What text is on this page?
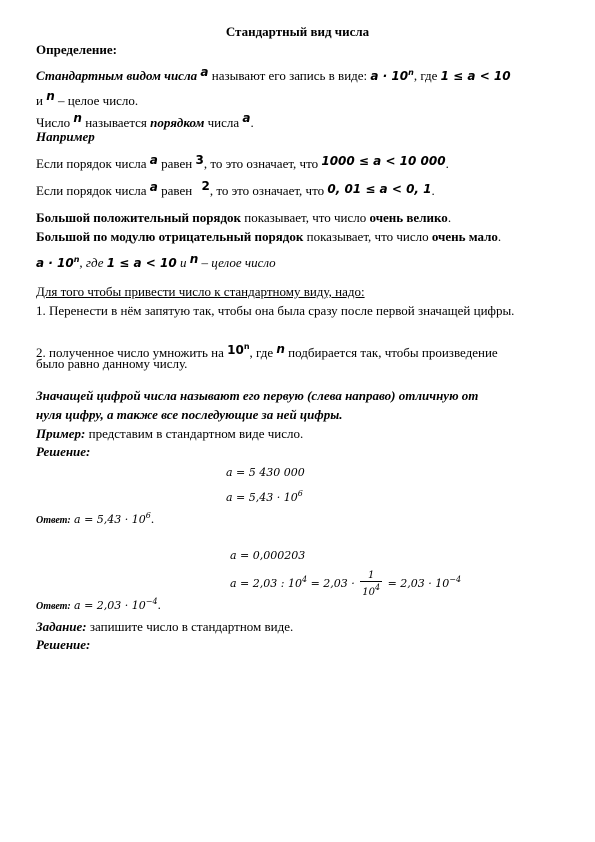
Стандартный вид числа
Определение:
Стандартным видом числа a называют его запись в виде: $a \cdot 10^n$, где 1 ≤ a < 10
и n – целое число.
Число n называется порядком числа a.
Например
Если порядок числа a равен 3, то это означает, что 1000 ≤ a < 10 000.
Если порядок числа a равен 2, то это означает, что 0, 01 ≤ a < 0, 1.
Большой положительный порядок показывает, что число очень велико.
Большой по модулю отрицательный порядок показывает, что число очень мало.
$a \cdot 10^n$, где 1 ≤ a < 10 и n – целое число
Для того чтобы привести число к стандартному виду, надо:
1. Перенести в нём запятую так, чтобы она была сразу после первой значащей цифры.
2. полученное число умножить на 10$^n$, где n подбирается так, чтобы произведение
было равно данному числу.
Значащей цифрой числа называют его первую (слева направо) отличную от
нуля цифру, а также все последующие за ней цифры.
Пример: представим в стандартном виде число.
Решение:
a = 5 430 000
$a = 5,43 \cdot 10^6$
Ответ: $a = 5,43 \cdot 10^6$.
a = 0,000203
a = 2,03 : $10^4 = 2,03 \cdot \frac{1}{10^4} = 2,03 \cdot 10^{-4}$
Ответ: $a = 2,03 \cdot 10^{-4}$.
Задание: запишите число в стандартном виде.
Решение:
